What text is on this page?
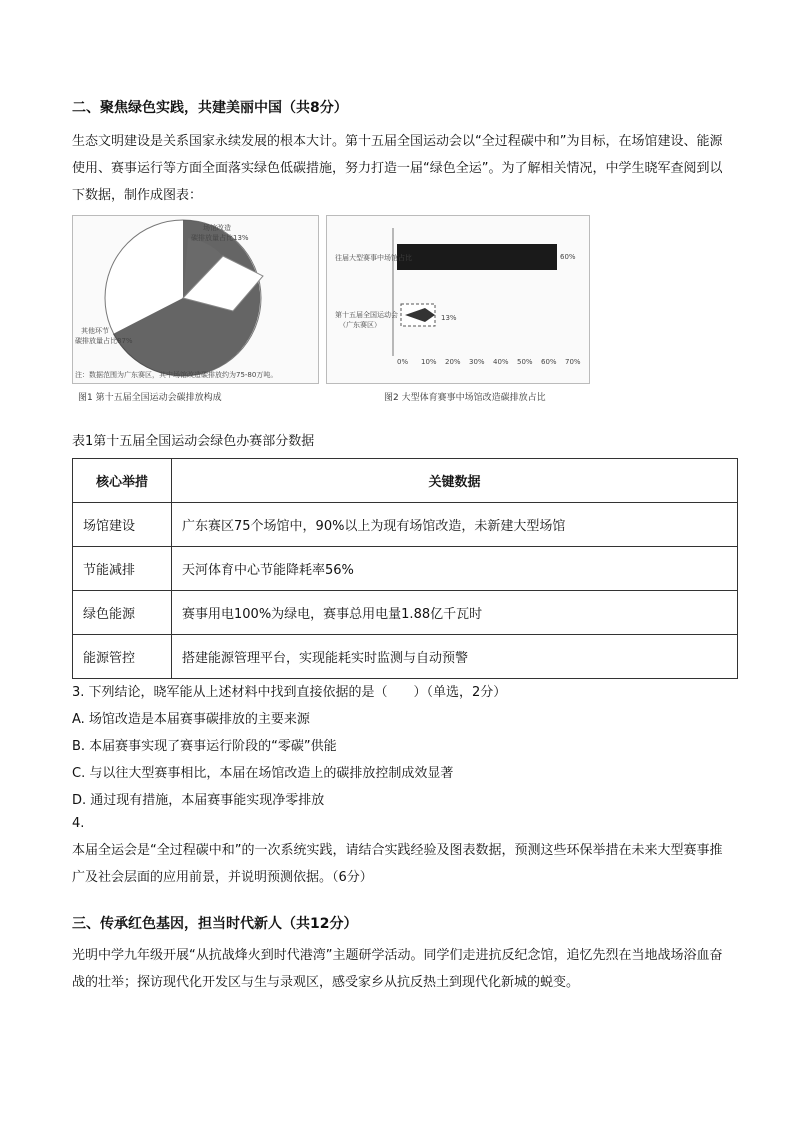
二、聚焦绿色实践，共建美丽中国（共8分）

生态文明建设是关系国家永续发展的根本大计。第十五届全国运动会以“全过程碳中和”为目标，在场馆建设、能源使用、赛事运行等方面全面落实绿色低碳措施，努力打造一届“绿色全运”。为了解相关情况，中学生晓军查阅到以下数据，制作成图表：

场馆改造
碳排放量占比13%
其他环节
碳排放量占比87%
注：数据范围为广东赛区，其中场馆改造碳排放约为75-80万吨。
图1 第十五届全国运动会碳排放构成
往届大型赛事中场馆占比	60%
第十五届全国运动会
（广东赛区）
13%
0% 10% 20% 30% 40% 50% 60% 70%
图2 大型体育赛事中场馆改造碳排放占比
表1第十五届全国运动会绿色办赛部分数据
核心举措	关键数据
场馆建设	广东赛区75个场馆中，90%以上为现有场馆改造，未新建大型场馆
节能减排	天河体育中心节能降耗率56%
绿色能源	赛事用电100%为绿电，赛事总用电量1.88亿千瓦时
能源管控	搭建能源管理平台，实现能耗实时监测与自动预警
3. 下列结论，晓军能从上述材料中找到直接依据的是（　　）（单选，2分）
A. 场馆改造是本届赛事碳排放的主要来源
B. 本届赛事实现了赛事运行阶段的“零碳”供能
C. 与以往大型赛事相比，本届在场馆改造上的碳排放控制成效显著
D. 通过现有措施，本届赛事能实现净零排放
4.

本届全运会是“全过程碳中和”的一次系统实践，请结合实践经验及图表数据，预测这些环保举措在未来大型赛事推广及社会层面的应用前景，并说明预测依据。（6分）

三、传承红色基因，担当时代新人（共12分）

光明中学九年级开展“从抗战烽火到时代港湾”主题研学活动。同学们走进抗反纪念馆，追忆先烈在当地战场浴血奋战的壮举；探访现代化开发区与生与录观区，感受家乡从抗反热土到现代化新城的蜕变。
